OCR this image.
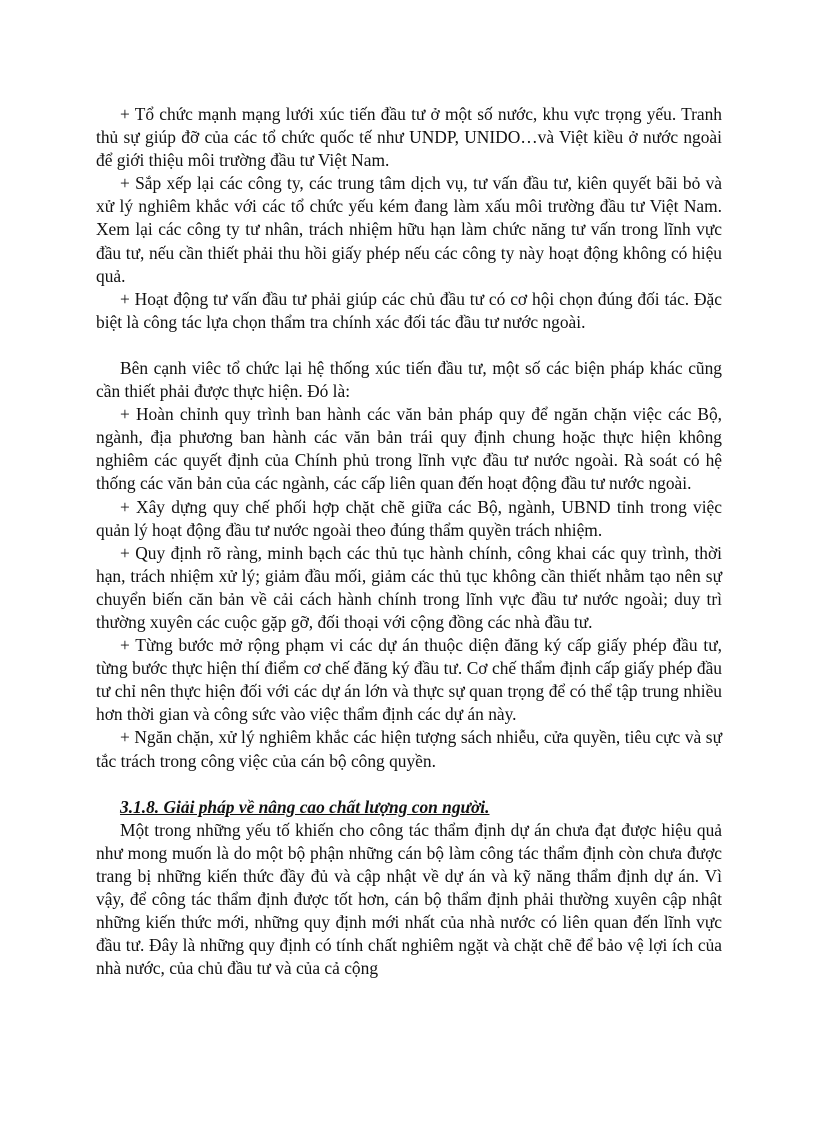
+ Tổ chức mạnh mạng lưới xúc tiến đầu tư ở một số nước, khu vực trọng yếu. Tranh thủ sự giúp đỡ của các tổ chức quốc tế như UNDP, UNIDO…và Việt kiều ở nước ngoài để giới thiệu môi trường đầu tư Việt Nam.

+ Sắp xếp lại các công ty, các trung tâm dịch vụ, tư vấn đầu tư, kiên quyết bãi bỏ và xử lý nghiêm khắc với các tổ chức yếu kém đang làm xấu môi trường đầu tư Việt Nam. Xem lại các công ty tư nhân, trách nhiệm hữu hạn làm chức năng tư vấn trong lĩnh vực đầu tư, nếu cần thiết phải thu hồi giấy phép nếu các công ty này hoạt động không có hiệu quả.

+ Hoạt động tư vấn đầu tư phải giúp các chủ đầu tư có cơ hội chọn đúng đối tác. Đặc biệt là công tác lựa chọn thẩm tra chính xác đối tác đầu tư nước ngoài.

Bên cạnh viêc tổ chức lại hệ thống xúc tiến đầu tư, một số các biện pháp khác cũng cần thiết phải được thực hiện. Đó là:

+ Hoàn chỉnh quy trình ban hành các văn bản pháp quy để ngăn chặn việc các Bộ, ngành, địa phương ban hành các văn bản trái quy định chung hoặc thực hiện không nghiêm các quyết định của Chính phủ trong lĩnh vực đầu tư nước ngoài. Rà soát có hệ thống các văn bản của các ngành, các cấp liên quan đến hoạt động đầu tư nước ngoài.

+ Xây dựng quy chế phối hợp chặt chẽ giữa các Bộ, ngành, UBND tỉnh trong việc quản lý hoạt động đầu tư nước ngoài theo đúng thẩm quyền trách nhiệm.

+ Quy định rõ ràng, minh bạch các thủ tục hành chính, công khai các quy trình, thời hạn, trách nhiệm xử lý; giảm đầu mối, giảm các thủ tục không cần thiết nhằm tạo nên sự chuyển biến căn bản về cải cách hành chính trong lĩnh vực đầu tư nước ngoài; duy trì thường xuyên các cuộc gặp gỡ, đối thoại với cộng đồng các nhà đầu tư.

+ Từng bước mở rộng phạm vi các dự án thuộc diện đăng ký cấp giấy phép đầu tư, từng bước thực hiện thí điểm cơ chế đăng ký đầu tư. Cơ chế thẩm định cấp giấy phép đầu tư chỉ nên thực hiện đối với các dự án lớn và thực sự quan trọng để có thể tập trung nhiều hơn thời gian và công sức vào việc thẩm định các dự án này.

+ Ngăn chặn, xử lý nghiêm khắc các hiện tượng sách nhiễu, cửa quyền, tiêu cực và sự tắc trách trong công việc của cán bộ công quyền.

3.1.8. Giải pháp về nâng cao chất lượng con người.

Một trong những yếu tố khiến cho công tác thẩm định dự án chưa đạt được hiệu quả như mong muốn là do một bộ phận những cán bộ làm công tác thẩm định còn chưa được trang bị những kiến thức đầy đủ và cập nhật về dự án và kỹ năng thẩm định dự án. Vì vậy, để công tác thẩm định được tốt hơn, cán bộ thẩm định phải thường xuyên cập nhật những kiến thức mới, những quy định mới nhất của nhà nước có liên quan đến lĩnh vực đầu tư. Đây là những quy định có tính chất nghiêm ngặt và chặt chẽ để bảo vệ lợi ích của nhà nước, của chủ đầu tư và của cả cộng
